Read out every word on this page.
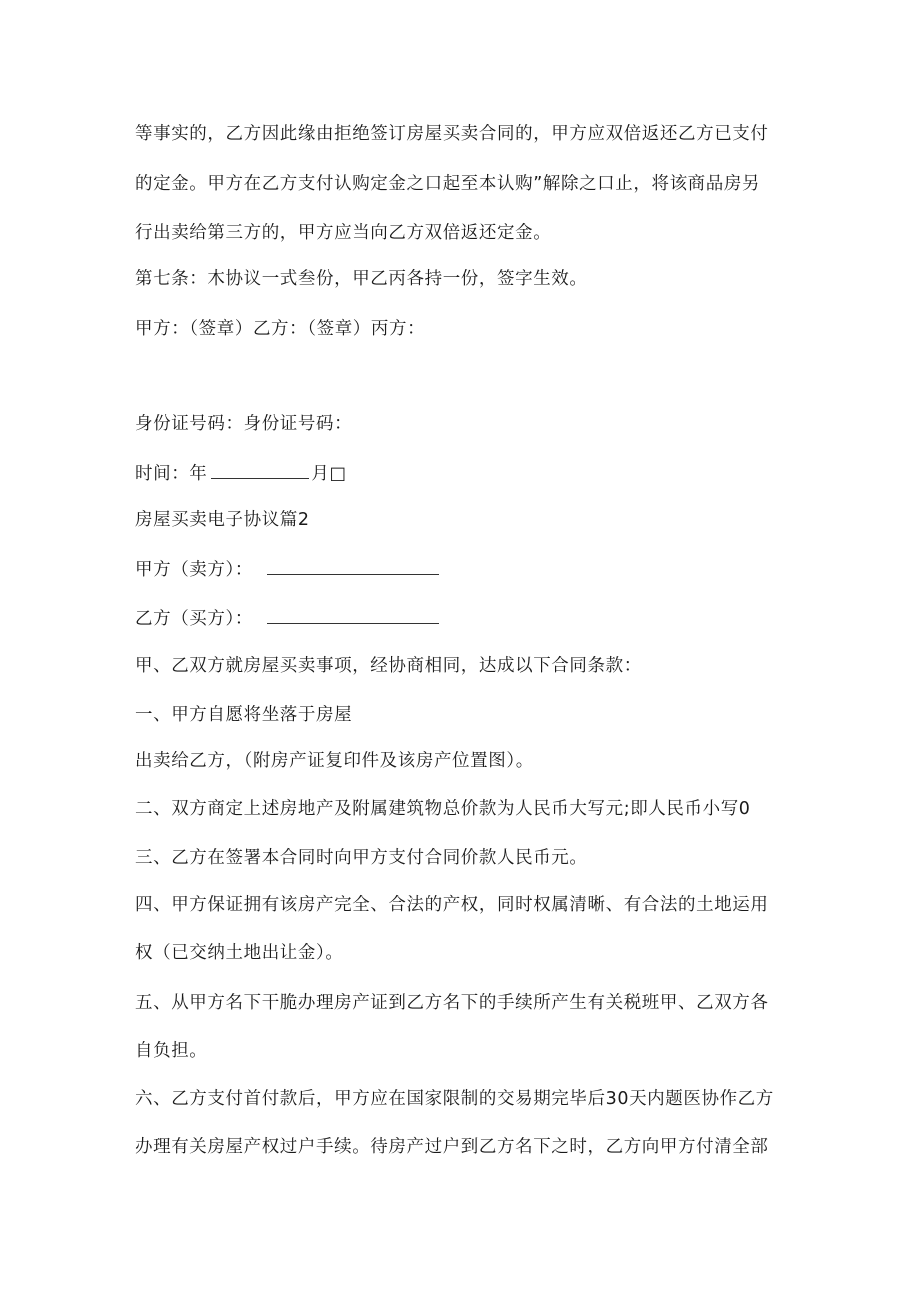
等事实的，乙方因此缘由拒绝签订房屋买卖合同的，甲方应双倍返还乙方已支付
的定金。甲方在乙方支付认购定金之口起至本认购”解除之口止，将该商品房另
行出卖给第三方的，甲方应当向乙方双倍返还定金。
第七条：木协议一式叁份，甲乙丙各持一份，签字生效。
甲方：（签章）乙方：（签章）丙方：
身份证号码：身份证号码：
时间：年	月□
房屋买卖电子协议篇2
甲方（卖方）：
乙方（买方）：
甲、乙双方就房屋买卖事项，经协商相同，达成以下合同条款：
一、甲方自愿将坐落于房屋
出卖给乙方，（附房产证复印件及该房产位置图）。
二、双方商定上述房地产及附属建筑物总价款为人民币大写元;即人民币小写0
三、乙方在签署本合同时向甲方支付合同价款人民币元。
四、甲方保证拥有该房产完全、合法的产权，同时权属清晰、有合法的土地运用
权（已交纳土地出让金）。
五、从甲方名下干脆办理房产证到乙方名下的手续所产生有关税班甲、乙双方各
自负担。
六、乙方支付首付款后，甲方应在国家限制的交易期完毕后30天内题医协作乙方
办理有关房屋产权过户手续。待房产过户到乙方名下之时，乙方向甲方付清全部
